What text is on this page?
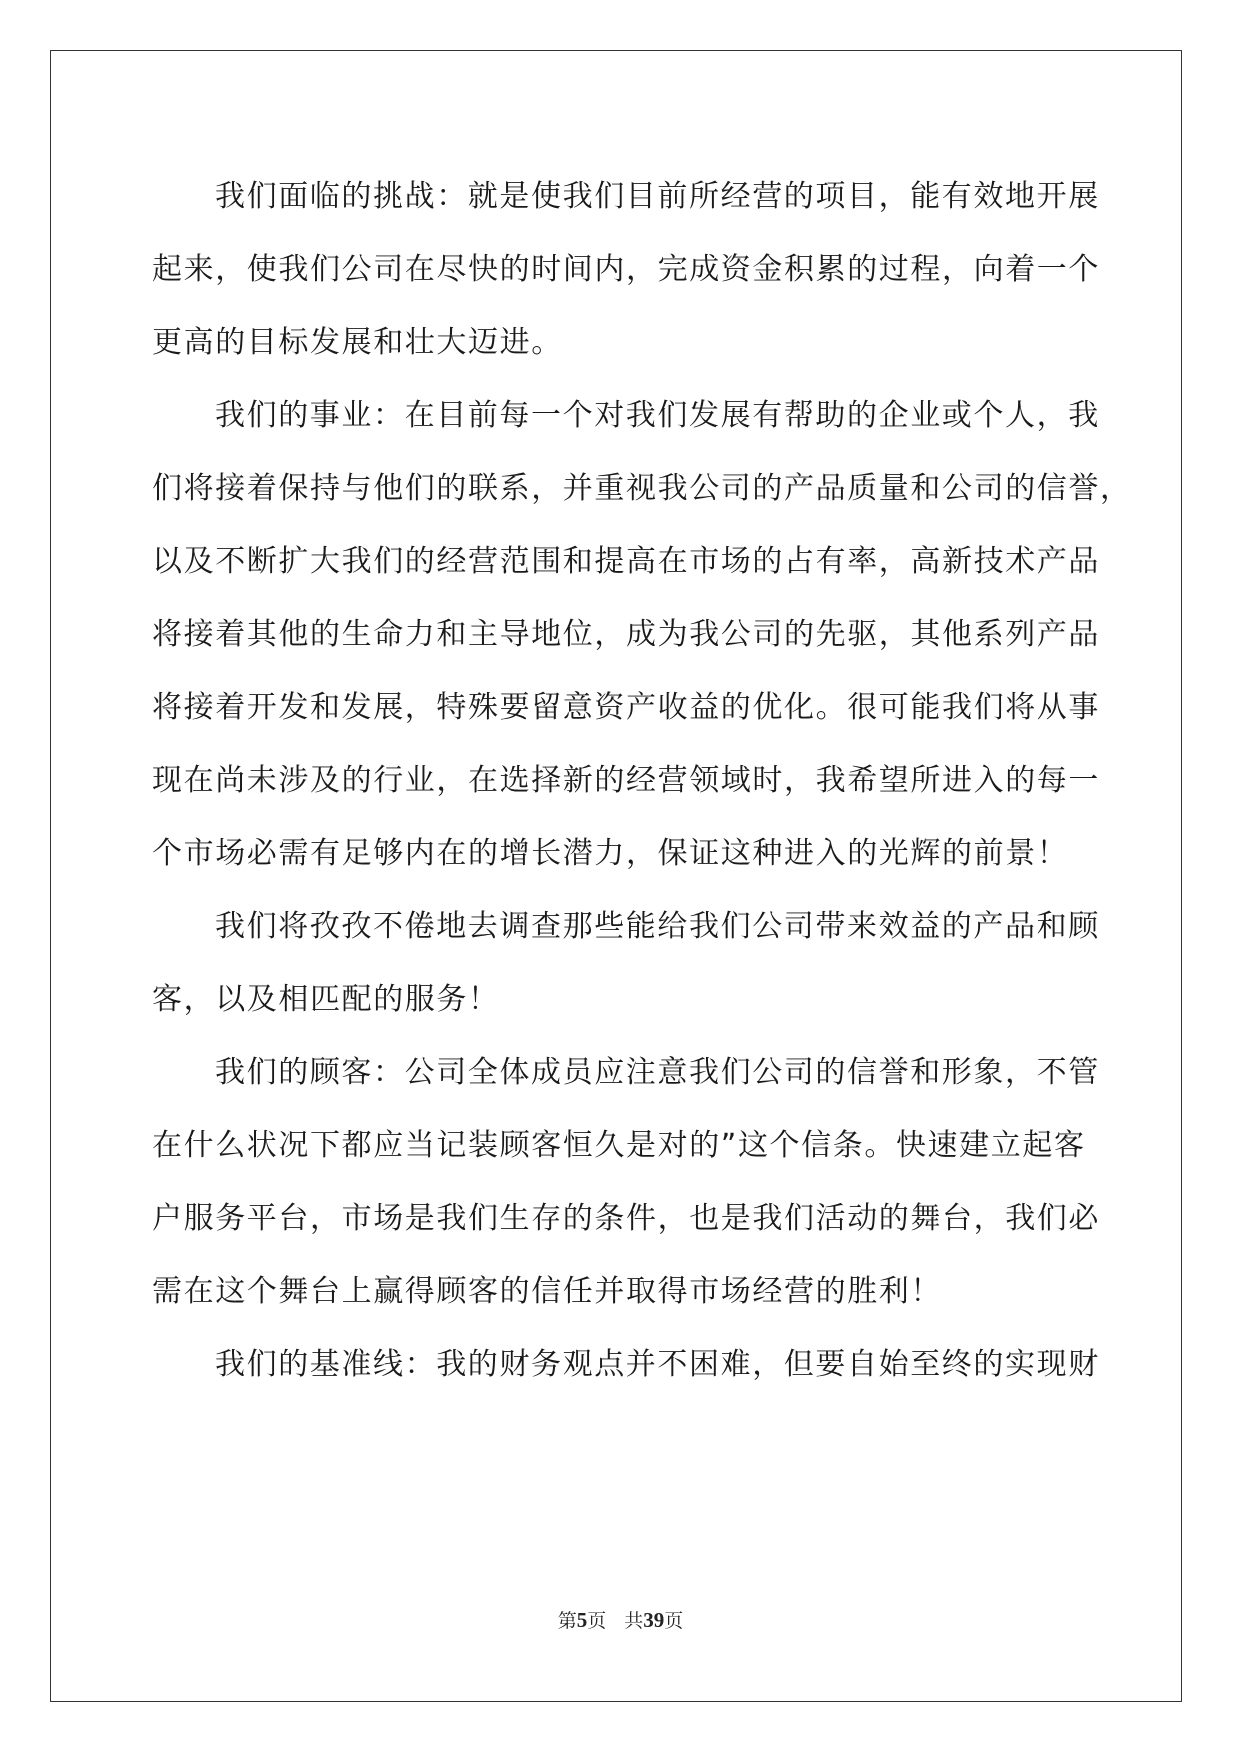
我们面临的挑战：就是使我们目前所经营的项目，能有效地开展
起来，使我们公司在尽快的时间内，完成资金积累的过程，向着一个
更高的目标发展和壮大迈进。
我们的事业：在目前每一个对我们发展有帮助的企业或个人，我
们将接着保持与他们的联系，并重视我公司的产品质量和公司的信誉，
以及不断扩大我们的经营范围和提高在市场的占有率，高新技术产品
将接着其他的生命力和主导地位，成为我公司的先驱，其他系列产品
将接着开发和发展，特殊要留意资产收益的优化。很可能我们将从事
现在尚未涉及的行业，在选择新的经营领域时，我希望所进入的每一
个市场必需有足够内在的增长潜力，保证这种进入的光辉的前景！
我们将孜孜不倦地去调查那些能给我们公司带来效益的产品和顾
客，以及相匹配的服务！
我们的顾客：公司全体成员应注意我们公司的信誉和形象，不管
在什么状况下都应当记装顾客恒久是对的”这个信条。快速建立起客
户服务平台，市场是我们生存的条件，也是我们活动的舞台，我们必
需在这个舞台上赢得顾客的信任并取得市场经营的胜利！
我们的基准线：我的财务观点并不困难，但要自始至终的实现财
第5页 共39页
